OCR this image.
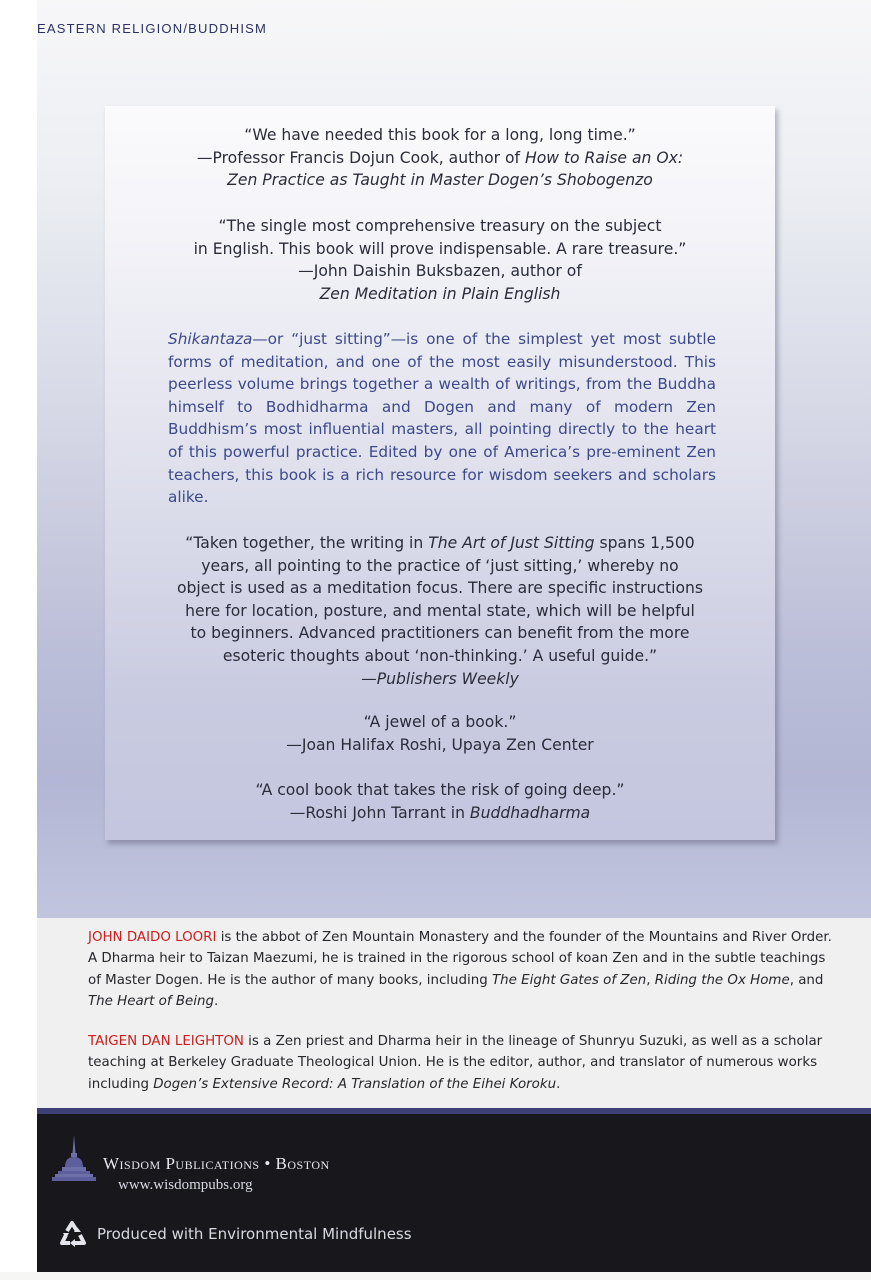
EASTERN RELIGION/BUDDHISM
“We have needed this book for a long, long time.”
—Professor Francis Dojun Cook, author of How to Raise an Ox:
Zen Practice as Taught in Master Dogen’s Shobogenzo
“The single most comprehensive treasury on the subject
in English. This book will prove indispensable. A rare treasure.”
—John Daishin Buksbazen, author of
Zen Meditation in Plain English
Shikantaza—or “just sitting”—is one of the simplest yet most subtle forms of meditation, and one of the most easily misunderstood. This peerless volume brings together a wealth of writings, from the Buddha himself to Bodhidharma and Dogen and many of modern Zen Buddhism’s most influential masters, all pointing directly to the heart of this powerful practice. Edited by one of America’s pre-eminent Zen teachers, this book is a rich resource for wisdom seekers and scholars alike.
“Taken together, the writing in The Art of Just Sitting spans 1,500
years, all pointing to the practice of ‘just sitting,’ whereby no
object is used as a meditation focus. There are specific instructions
here for location, posture, and mental state, which will be helpful
to beginners. Advanced practitioners can benefit from the more
esoteric thoughts about ‘non-thinking.’ A useful guide.”
—Publishers Weekly
“A jewel of a book.”
—Joan Halifax Roshi, Upaya Zen Center
“A cool book that takes the risk of going deep.”
—Roshi John Tarrant in Buddhadharma
JOHN DAIDO LOORI is the abbot of Zen Mountain Monastery and the founder of the Mountains and River Order. A Dharma heir to Taizan Maezumi, he is trained in the rigorous school of koan Zen and in the subtle teachings of Master Dogen. He is the author of many books, including The Eight Gates of Zen, Riding the Ox Home, and The Heart of Being.
TAIGEN DAN LEIGHTON is a Zen priest and Dharma heir in the lineage of Shunryu Suzuki, as well as a scholar teaching at Berkeley Graduate Theological Union. He is the editor, author, and translator of numerous works including Dogen’s Extensive Record: A Translation of the Eihei Koroku.
Wisdom Publications • Boston
www.wisdompubs.org
Produced with Environmental Mindfulness
